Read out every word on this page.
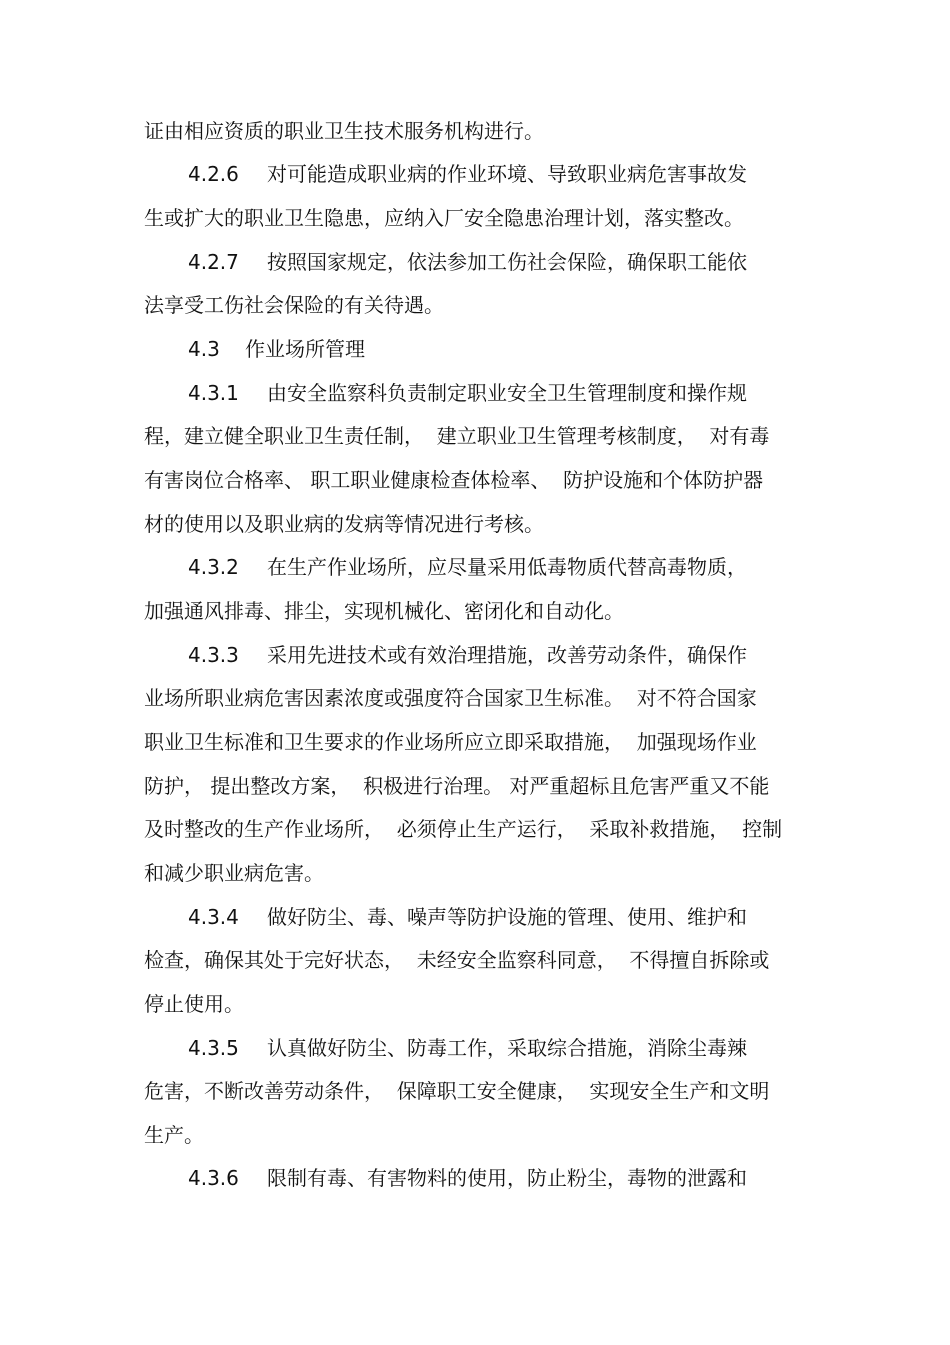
证由相应资质的职业卫生技术服务机构进行。

4.2.6

对可能造成职业病的作业环境、导致职业病危害事故发

生或扩大的职业卫生隐患，应纳入厂安全隐患治理计划，落实整改。

4.2.7

按照国家规定，依法参加工伤社会保险，确保职工能依

法享受工伤社会保险的有关待遇。

4.3

作业场所管理

4.3.1

由安全监察科负责制定职业安全卫生管理制度和操作规

程，建立健全职业卫生责任制，  建立职业卫生管理考核制度，  对有毒

有害岗位合格率、 职工职业健康检查体检率、  防护设施和个体防护器

材的使用以及职业病的发病等情况进行考核。

4.3.2

在生产作业场所，应尽量采用低毒物质代替高毒物质，

加强通风排毒、排尘，实现机械化、密闭化和自动化。

4.3.3

采用先进技术或有效治理措施，改善劳动条件，确保作

业场所职业病危害因素浓度或强度符合国家卫生标准。  对不符合国家

职业卫生标准和卫生要求的作业场所应立即采取措施，  加强现场作业

防护， 提出整改方案，  积极进行治理。 对严重超标且危害严重又不能

及时整改的生产作业场所，  必须停止生产运行，  采取补救措施，  控制

和减少职业病危害。

4.3.4

做好防尘、毒、噪声等防护设施的管理、使用、维护和

检查，确保其处于完好状态，  未经安全监察科同意，  不得擅自拆除或

停止使用。

4.3.5

认真做好防尘、防毒工作，采取综合措施，消除尘毒辣

危害，不断改善劳动条件，  保障职工安全健康，  实现安全生产和文明

生产。

4.3.6

限制有毒、有害物料的使用，防止粉尘，毒物的泄露和
